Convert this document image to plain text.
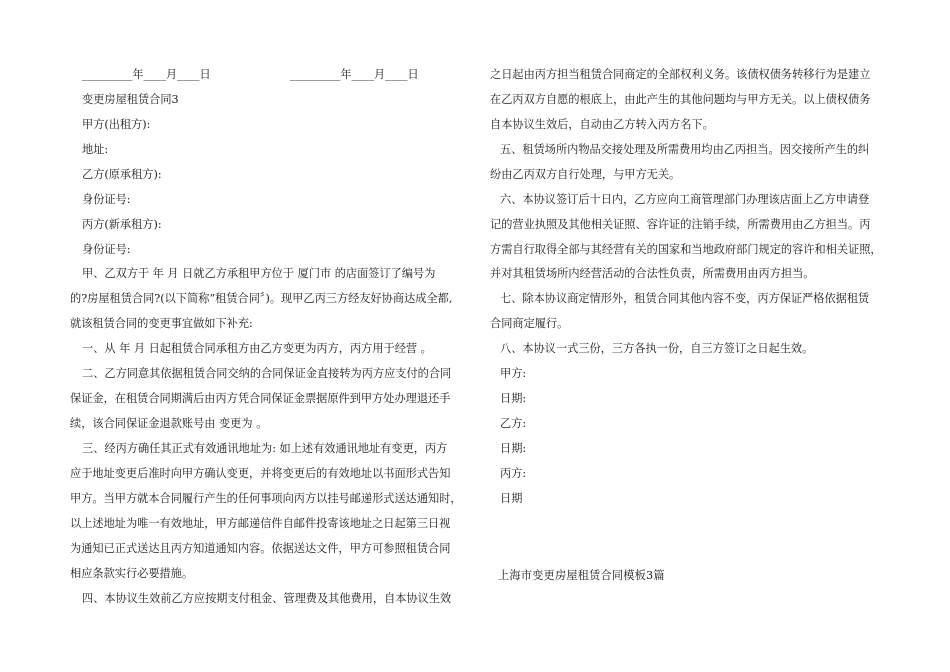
_________年____月____日	_________年____月____日
变更房屋租赁合同3
甲方(出租方):
地址:
乙方(原承租方):
身份证号:
丙方(新承租方):
身份证号:
甲、乙双方于 年 月 日就乙方承租甲方位于 厦门市 的店面签订了编号为
的?房屋租赁合同?(以下简称“租赁合同〞)。现甲乙丙三方经友好协商达成全都,
就该租赁合同的变更事宜做如下补充:
一、从 年 月 日起租赁合同承租方由乙方变更为丙方，丙方用于经营 。
二、乙方同意其依据租赁合同交纳的合同保证金直接转为丙方应支付的合同
保证金，在租赁合同期满后由丙方凭合同保证金票据原件到甲方处办理退还手
续，该合同保证金退款账号由 变更为 。
三、经丙方确任其正式有效通讯地址为: 如上述有效通讯地址有变更，丙方
应于地址变更后准时向甲方确认变更，并将变更后的有效地址以书面形式告知
甲方。当甲方就本合同履行产生的任何事项向丙方以挂号邮递形式送达通知时，
以上述地址为唯一有效地址，甲方邮递信件自邮件投寄该地址之日起第三日视
为通知已正式送达且丙方知道通知内容。依据送达文件，甲方可参照租赁合同
相应条款实行必要措施。
四、本协议生效前乙方应按期支付租金、管理费及其他费用，自本协议生效
之日起由丙方担当租赁合同商定的全部权利义务。该债权债务转移行为是建立
在乙丙双方自愿的根底上，由此产生的其他问题均与甲方无关。以上债权债务
自本协议生效后，自动由乙方转入丙方名下。
五、租赁场所内物品交接处理及所需费用均由乙丙担当。因交接所产生的纠
纷由乙丙双方自行处理，与甲方无关。
六、本协议签订后十日内，乙方应向工商管理部门办理该店面上乙方申请登
记的营业执照及其他相关证照、容许证的注销手续，所需费用由乙方担当。丙
方需自行取得全部与其经营有关的国家和当地政府部门规定的容许和相关证照，
并对其租赁场所内经营活动的合法性负责，所需费用由丙方担当。
七、除本协议商定情形外，租赁合同其他内容不变，丙方保证严格依据租赁
合同商定履行。
八、本协议一式三份，三方各执一份，自三方签订之日起生效。
甲方:
日期:
乙方:
日期:
丙方:
日期
上海市变更房屋租赁合同模板3篇
